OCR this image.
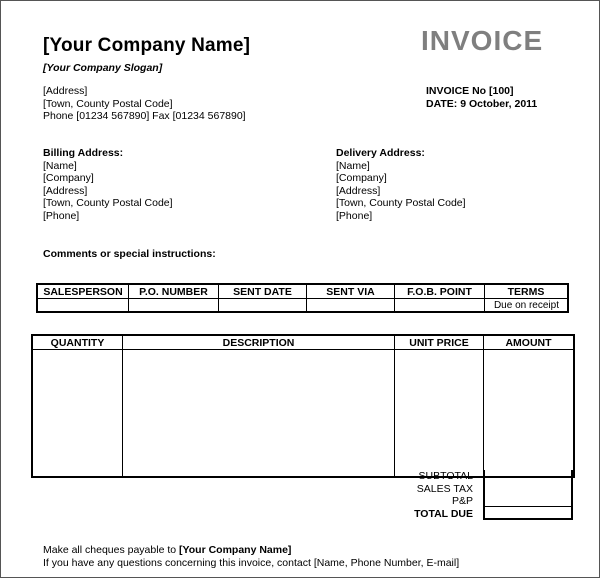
[Your Company Name]
[Your Company Slogan]
INVOICE
[Address]
[Town, County Postal Code]
Phone [01234 567890] Fax [01234 567890]
INVOICE No [100]
DATE: 9 October, 2011
Billing Address:
[Name]
[Company]
[Address]
[Town, County Postal Code]
[Phone]
Delivery Address:
[Name]
[Company]
[Address]
[Town, County Postal Code]
[Phone]
Comments or special instructions:
SALESPERSON	P.O. NUMBER	SENT DATE	SENT VIA	F.O.B. POINT	TERMS
					Due on receipt
QUANTITY	DESCRIPTION	UNIT PRICE	AMOUNT

SUBTOTAL
SALES TAX
P&P
TOTAL DUE
Make all cheques payable to [Your Company Name]
If you have any questions concerning this invoice, contact [Name, Phone Number, E-mail]
